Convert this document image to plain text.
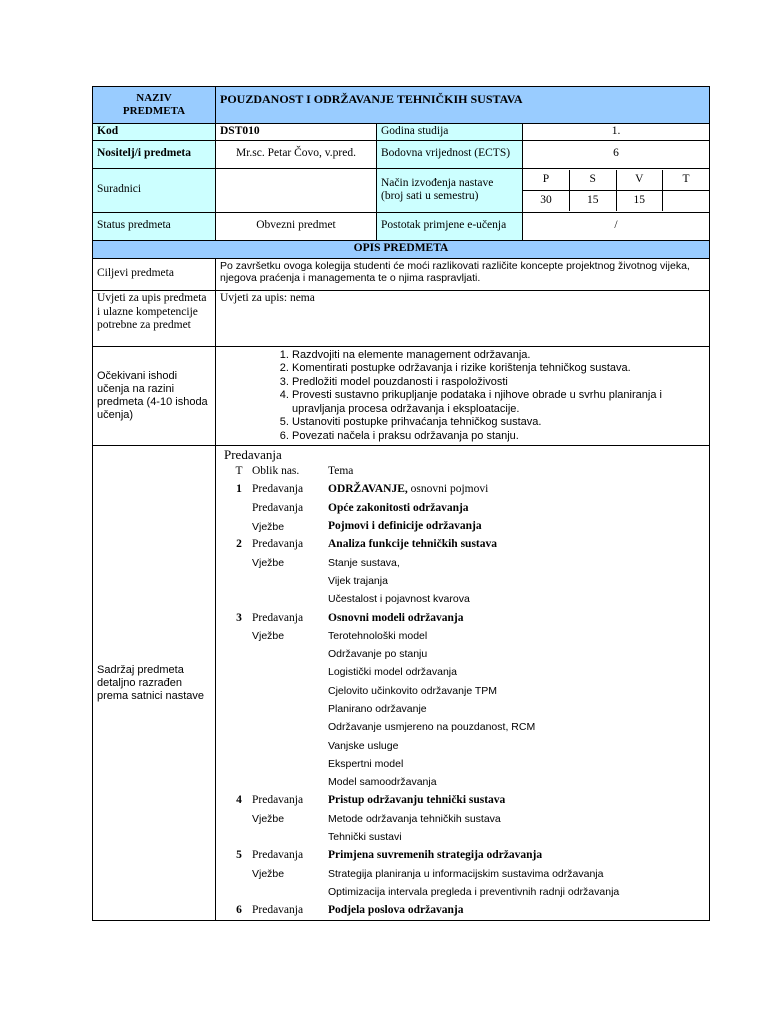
NAZIV PREDMETA	POUZDANOST I ODRŽAVANJE TEHNIČKIH SUSTAVA
Kod	DST010	Godina studija	1.
Nositelj/i predmeta	Mr.sc. Petar Čovo, v.pred.	Bodovna vrijednost (ECTS)	6
Suradnici		Način izvođenja nastave (broj sati u semestru)	
P	S	V	T
30	15	15	

Status predmeta	Obvezni predmet	Postotak primjene e-učenja	/
OPIS PREDMETA
Ciljevi predmeta	Po završetku ovoga kolegija studenti će moći razlikovati različite koncepte projektnog životnog vijeka, njegova praćenja i managementa te o njima raspravljati.
Uvjeti za upis predmeta i ulazne kompetencije potrebne za predmet	Uvjeti za upis: nema
Očekivani ishodi učenja na razini predmeta (4-10 ishoda učenja)	
1. Razdvojiti na elemente management održavanja.
2. Komentirati postupke održavanja i rizike korištenja tehničkog sustava.
3. Predložiti model pouzdanosti i raspoloživosti
4. Provesti sustavno prikupljanje podataka i njihove obrade u svrhu planiranja i upravljanja procesa održavanja i eksploatacije.
5. Ustanoviti postupke prihvaćanja tehničkog sustava.
6. Povezati načela i praksu održavanja po stanju.

Sadržaj predmeta detaljno razrađen prema satnici nastave	
Predavanja
T Oblik nas.	Tema
1 Predavanja	ODRŽAVANJE, osnovni pojmovi
Predavanja	Opće zakonitosti održavanja
Vježbe	Pojmovi i definicije održavanja
2 Predavanja	Analiza funkcije tehničkih sustava
Vježbe	Stanje sustava,
Vijek trajanja
Učestalost i pojavnost kvarova
3 Predavanja	Osnovni modeli održavanja
Vježbe	Terotehnološki model
Održavanje po stanju
Logistički model održavanja
Cjelovito učinkovito održavanje TPM
Planirano održavanje
Održavanje usmjereno na pouzdanost, RCM
Vanjske usluge
Ekspertni model
Model samoodržavanja
4 Predavanja	Pristup održavanju tehnički sustava
Vježbe	Metode održavanja tehničkih sustava
Tehnički sustavi
5 Predavanja	Primjena suvremenih strategija održavanja
Vježbe	Strategija planiranja u informacijskim sustavima održavanja
Optimizacija intervala pregleda i preventivnih radnji održavanja
6 Predavanja	Podjela poslova održavanja
